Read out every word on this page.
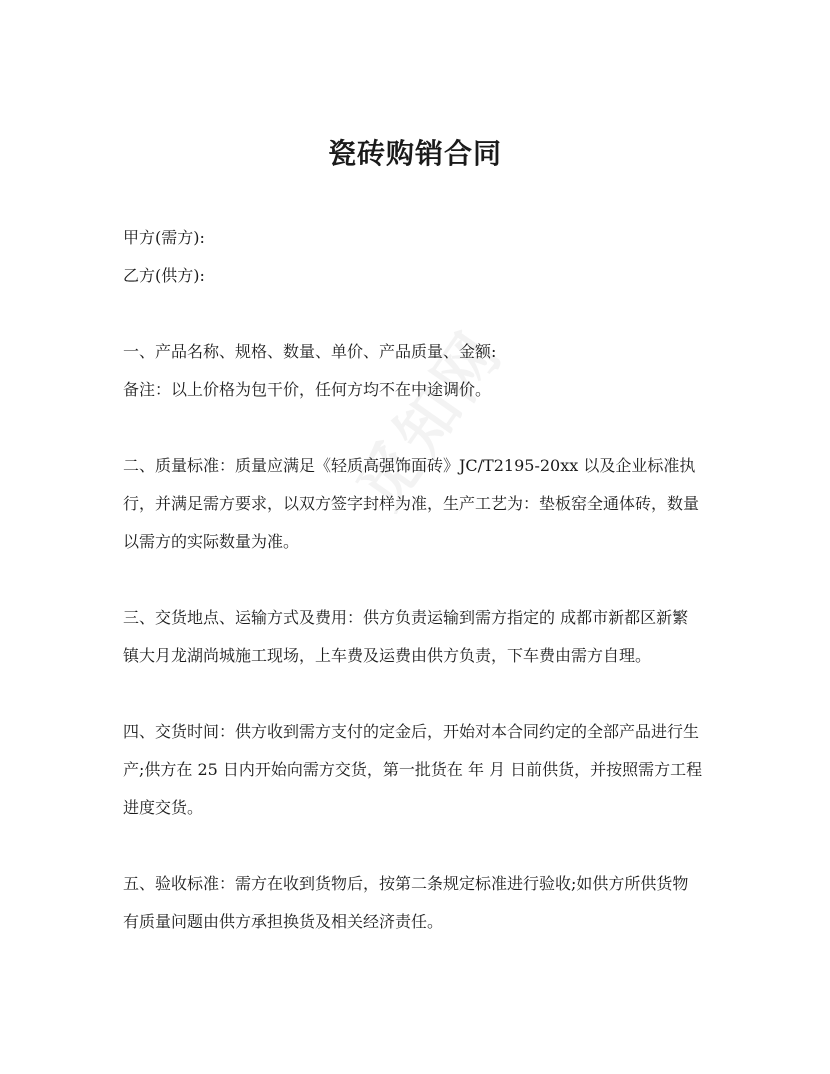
瓷砖购销合同

甲方(需方):

乙方(供方):

一、产品名称、规格、数量、单价、产品质量、金额:

备注：以上价格为包干价，任何方均不在中途调价。

二、质量标准：质量应满足《轻质高强饰面砖》JC/T2195-20xx 以及企业标准执

行，并满足需方要求，以双方签字封样为准，生产工艺为：垫板窑全通体砖，数量

以需方的实际数量为准。

三、交货地点、运输方式及费用：供方负责运输到需方指定的 成都市新都区新繁

镇大月龙湖尚城施工现场，上车费及运费由供方负责，下车费由需方自理。

四、交货时间：供方收到需方支付的定金后，开始对本合同约定的全部产品进行生

产;供方在 25 日内开始向需方交货，第一批货在 年 月 日前供货，并按照需方工程

进度交货。

五、验收标准：需方在收到货物后，按第二条规定标准进行验收;如供方所供货物

有质量问题由供方承担换货及相关经济责任。
